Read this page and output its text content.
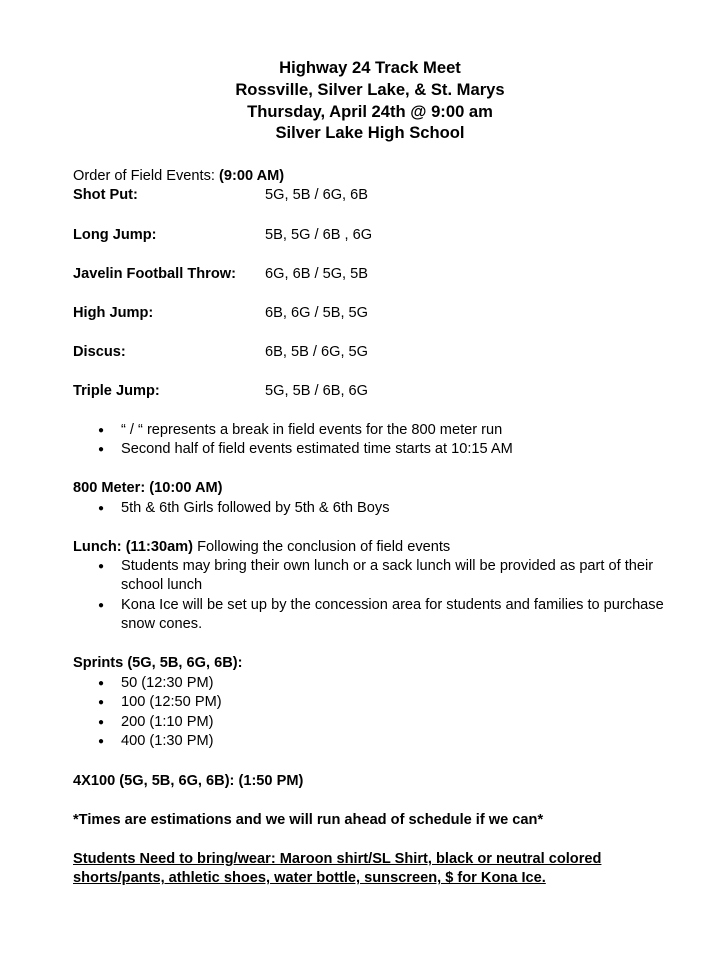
Highway 24 Track Meet
Rossville, Silver Lake, & St. Marys
Thursday, April 24th @ 9:00 am
Silver Lake High School
Order of Field Events: (9:00 AM)
Shot Put:	5G, 5B / 6G, 6B
Long Jump:	5B, 5G / 6B , 6G
Javelin Football Throw: 6G, 6B / 5G, 5B
High Jump:	6B, 6G / 5B, 5G
Discus:	6B, 5B / 6G, 5G
Triple Jump:	5G, 5B / 6B, 6G
● “ / “ represents a break in field events for the 800 meter run
● Second half of field events estimated time starts at 10:15 AM
800 Meter: (10:00 AM)
● 5th & 6th Girls followed by 5th & 6th Boys
Lunch: (11:30am) Following the conclusion of field events
● Students may bring their own lunch or a sack lunch will be provided as part of their school lunch
● Kona Ice will be set up by the concession area for students and families to purchase snow cones.
Sprints (5G, 5B, 6G, 6B):
● 50 (12:30 PM)
● 100 (12:50 PM)
● 200 (1:10 PM)
● 400 (1:30 PM)
4X100 (5G, 5B, 6G, 6B): (1:50 PM)
*Times are estimations and we will run ahead of schedule if we can*
Students Need to bring/wear: Maroon shirt/SL Shirt, black or neutral colored shorts/pants, athletic shoes, water bottle, sunscreen, $ for Kona Ice.
